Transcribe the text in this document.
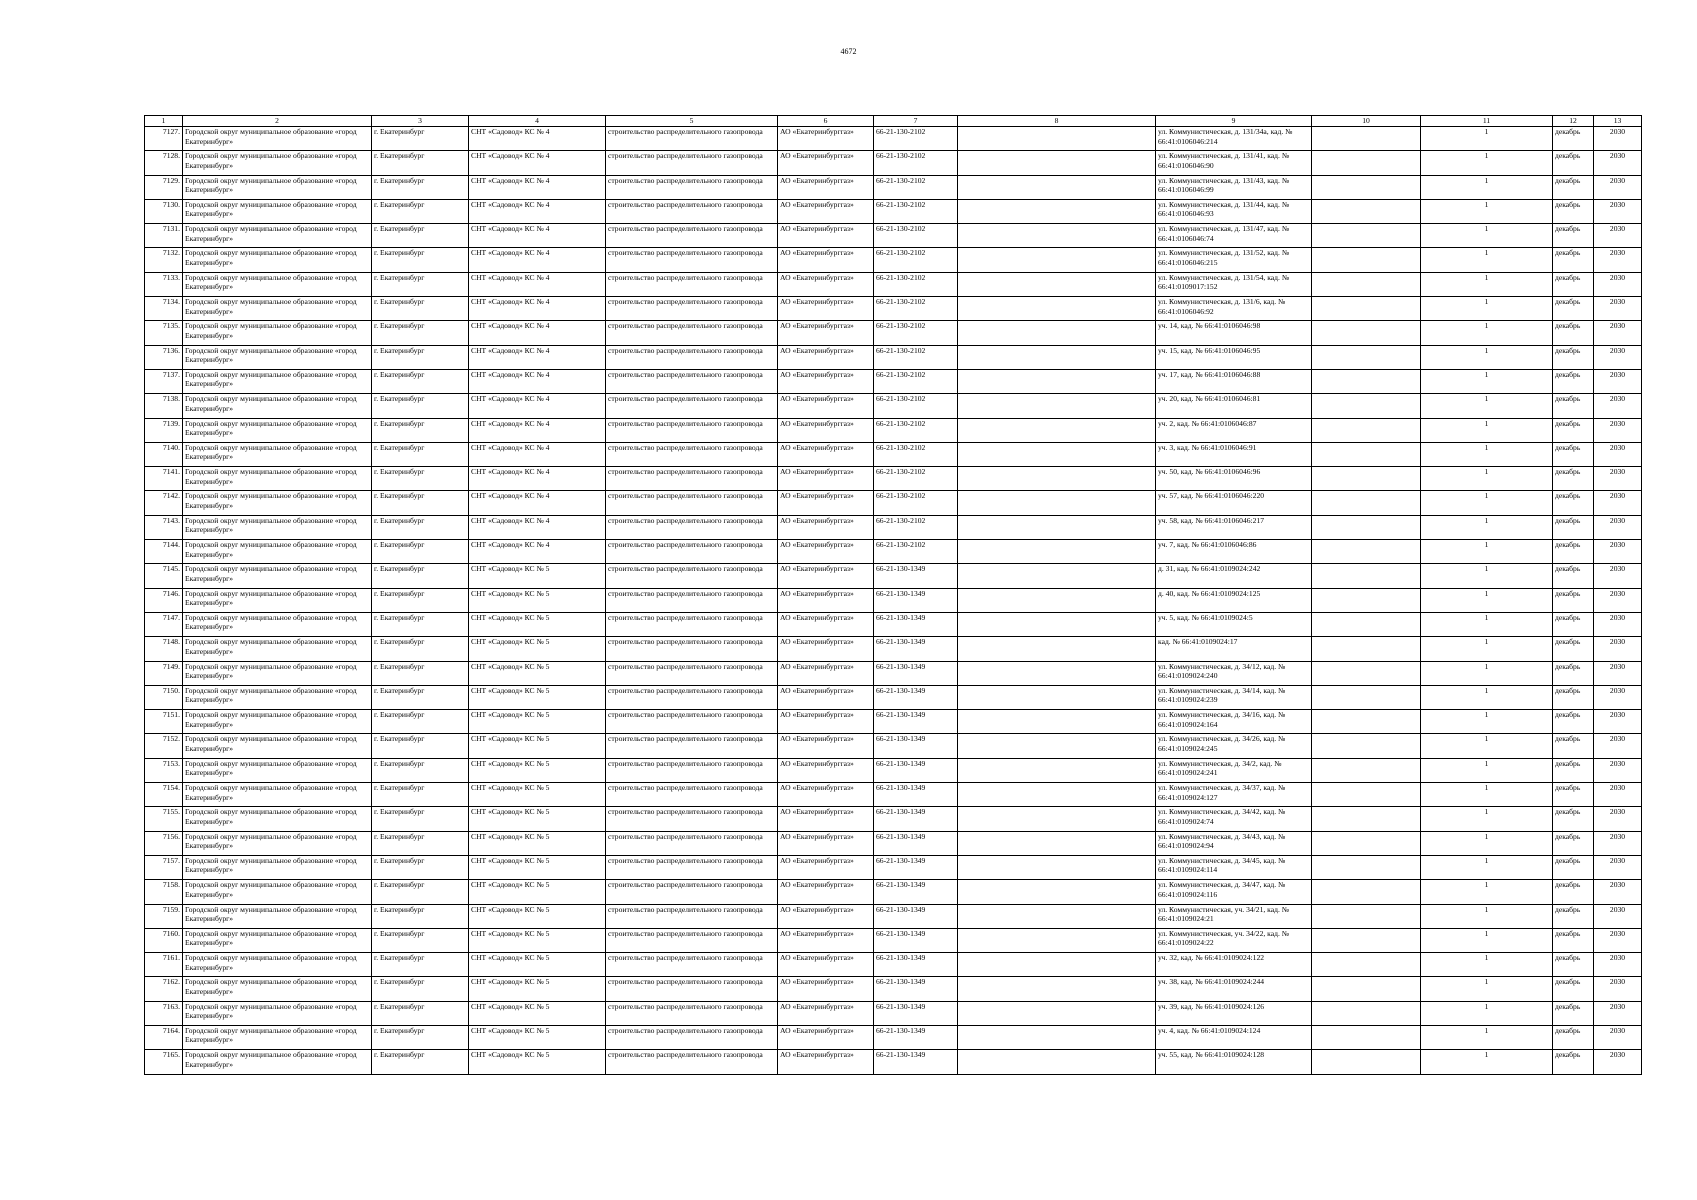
4672
1	2	3	4	5	6	7	8	9	10	11	12	13
7127.	Городской округ муниципальное образование «город Екатеринбург»	г. Екатеринбург	СНТ «Садовод» КС № 4	строительство распределительного газопровода	АО «Екатеринбурггаз»	66-21-130-2102		ул. Коммунистическая, д. 131/34а, кад. № 66:41:0106046:214		1	декабрь	2030
7128.	Городской округ муниципальное образование «город Екатеринбург»	г. Екатеринбург	СНТ «Садовод» КС № 4	строительство распределительного газопровода	АО «Екатеринбурггаз»	66-21-130-2102		ул. Коммунистическая, д. 131/41, кад. № 66:41:0106046:90		1	декабрь	2030
7129.	Городской округ муниципальное образование «город Екатеринбург»	г. Екатеринбург	СНТ «Садовод» КС № 4	строительство распределительного газопровода	АО «Екатеринбурггаз»	66-21-130-2102		ул. Коммунистическая, д. 131/43, кад. № 66:41:0106046:99		1	декабрь	2030
7130.	Городской округ муниципальное образование «город Екатеринбург»	г. Екатеринбург	СНТ «Садовод» КС № 4	строительство распределительного газопровода	АО «Екатеринбурггаз»	66-21-130-2102		ул. Коммунистическая, д. 131/44, кад. № 66:41:0106046:93		1	декабрь	2030
7131.	Городской округ муниципальное образование «город Екатеринбург»	г. Екатеринбург	СНТ «Садовод» КС № 4	строительство распределительного газопровода	АО «Екатеринбурггаз»	66-21-130-2102		ул. Коммунистическая, д. 131/47, кад. № 66:41:0106046:74		1	декабрь	2030
7132.	Городской округ муниципальное образование «город Екатеринбург»	г. Екатеринбург	СНТ «Садовод» КС № 4	строительство распределительного газопровода	АО «Екатеринбурггаз»	66-21-130-2102		ул. Коммунистическая, д. 131/52, кад. № 66:41:0106046:215		1	декабрь	2030
7133.	Городской округ муниципальное образование «город Екатеринбург»	г. Екатеринбург	СНТ «Садовод» КС № 4	строительство распределительного газопровода	АО «Екатеринбурггаз»	66-21-130-2102		ул. Коммунистическая, д. 131/54, кад. № 66:41:0109017:152		1	декабрь	2030
7134.	Городской округ муниципальное образование «город Екатеринбург»	г. Екатеринбург	СНТ «Садовод» КС № 4	строительство распределительного газопровода	АО «Екатеринбурггаз»	66-21-130-2102		ул. Коммунистическая, д. 131/6, кад. № 66:41:0106046:92		1	декабрь	2030
7135.	Городской округ муниципальное образование «город Екатеринбург»	г. Екатеринбург	СНТ «Садовод» КС № 4	строительство распределительного газопровода	АО «Екатеринбурггаз»	66-21-130-2102		уч. 14, кад. № 66:41:0106046:98		1	декабрь	2030
7136.	Городской округ муниципальное образование «город Екатеринбург»	г. Екатеринбург	СНТ «Садовод» КС № 4	строительство распределительного газопровода	АО «Екатеринбурггаз»	66-21-130-2102		уч. 15, кад. № 66:41:0106046:95		1	декабрь	2030
7137.	Городской округ муниципальное образование «город Екатеринбург»	г. Екатеринбург	СНТ «Садовод» КС № 4	строительство распределительного газопровода	АО «Екатеринбурггаз»	66-21-130-2102		уч. 17, кад. № 66:41:0106046:88		1	декабрь	2030
7138.	Городской округ муниципальное образование «город Екатеринбург»	г. Екатеринбург	СНТ «Садовод» КС № 4	строительство распределительного газопровода	АО «Екатеринбурггаз»	66-21-130-2102		уч. 20, кад. № 66:41:0106046:81		1	декабрь	2030
7139.	Городской округ муниципальное образование «город Екатеринбург»	г. Екатеринбург	СНТ «Садовод» КС № 4	строительство распределительного газопровода	АО «Екатеринбурггаз»	66-21-130-2102		уч. 2, кад. № 66:41:0106046:87		1	декабрь	2030
7140.	Городской округ муниципальное образование «город Екатеринбург»	г. Екатеринбург	СНТ «Садовод» КС № 4	строительство распределительного газопровода	АО «Екатеринбурггаз»	66-21-130-2102		уч. 3, кад. № 66:41:0106046:91		1	декабрь	2030
7141.	Городской округ муниципальное образование «город Екатеринбург»	г. Екатеринбург	СНТ «Садовод» КС № 4	строительство распределительного газопровода	АО «Екатеринбурггаз»	66-21-130-2102		уч. 50, кад. № 66:41:0106046:96		1	декабрь	2030
7142.	Городской округ муниципальное образование «город Екатеринбург»	г. Екатеринбург	СНТ «Садовод» КС № 4	строительство распределительного газопровода	АО «Екатеринбурггаз»	66-21-130-2102		уч. 57, кад. № 66:41:0106046:220		1	декабрь	2030
7143.	Городской округ муниципальное образование «город Екатеринбург»	г. Екатеринбург	СНТ «Садовод» КС № 4	строительство распределительного газопровода	АО «Екатеринбурггаз»	66-21-130-2102		уч. 58, кад. № 66:41:0106046:217		1	декабрь	2030
7144.	Городской округ муниципальное образование «город Екатеринбург»	г. Екатеринбург	СНТ «Садовод» КС № 4	строительство распределительного газопровода	АО «Екатеринбурггаз»	66-21-130-2102		уч. 7, кад. № 66:41:0106046:86		1	декабрь	2030
7145.	Городской округ муниципальное образование «город Екатеринбург»	г. Екатеринбург	СНТ «Садовод» КС № 5	строительство распределительного газопровода	АО «Екатеринбурггаз»	66-21-130-1349		д. 31, кад. № 66:41:0109024:242		1	декабрь	2030
7146.	Городской округ муниципальное образование «город Екатеринбург»	г. Екатеринбург	СНТ «Садовод» КС № 5	строительство распределительного газопровода	АО «Екатеринбурггаз»	66-21-130-1349		д. 40, кад. № 66:41:0109024:125		1	декабрь	2030
7147.	Городской округ муниципальное образование «город Екатеринбург»	г. Екатеринбург	СНТ «Садовод» КС № 5	строительство распределительного газопровода	АО «Екатеринбурггаз»	66-21-130-1349		уч. 5, кад. № 66:41:0109024:5		1	декабрь	2030
7148.	Городской округ муниципальное образование «город Екатеринбург»	г. Екатеринбург	СНТ «Садовод» КС № 5	строительство распределительного газопровода	АО «Екатеринбурггаз»	66-21-130-1349		кад. № 66:41:0109024:17		1	декабрь	2030
7149.	Городской округ муниципальное образование «город Екатеринбург»	г. Екатеринбург	СНТ «Садовод» КС № 5	строительство распределительного газопровода	АО «Екатеринбурггаз»	66-21-130-1349		ул. Коммунистическая, д. 34/12, кад. № 66:41:0109024:240		1	декабрь	2030
7150.	Городской округ муниципальное образование «город Екатеринбург»	г. Екатеринбург	СНТ «Садовод» КС № 5	строительство распределительного газопровода	АО «Екатеринбурггаз»	66-21-130-1349		ул. Коммунистическая, д. 34/14, кад. № 66:41:0109024:239		1	декабрь	2030
7151.	Городской округ муниципальное образование «город Екатеринбург»	г. Екатеринбург	СНТ «Садовод» КС № 5	строительство распределительного газопровода	АО «Екатеринбурггаз»	66-21-130-1349		ул. Коммунистическая, д. 34/16, кад. № 66:41:0109024:164		1	декабрь	2030
7152.	Городской округ муниципальное образование «город Екатеринбург»	г. Екатеринбург	СНТ «Садовод» КС № 5	строительство распределительного газопровода	АО «Екатеринбурггаз»	66-21-130-1349		ул. Коммунистическая, д. 34/26, кад. № 66:41:0109024:245		1	декабрь	2030
7153.	Городской округ муниципальное образование «город Екатеринбург»	г. Екатеринбург	СНТ «Садовод» КС № 5	строительство распределительного газопровода	АО «Екатеринбурггаз»	66-21-130-1349		ул. Коммунистическая, д. 34/2, кад. № 66:41:0109024:241		1	декабрь	2030
7154.	Городской округ муниципальное образование «город Екатеринбург»	г. Екатеринбург	СНТ «Садовод» КС № 5	строительство распределительного газопровода	АО «Екатеринбурггаз»	66-21-130-1349		ул. Коммунистическая, д. 34/37, кад. № 66:41:0109024:127		1	декабрь	2030
7155.	Городской округ муниципальное образование «город Екатеринбург»	г. Екатеринбург	СНТ «Садовод» КС № 5	строительство распределительного газопровода	АО «Екатеринбурггаз»	66-21-130-1349		ул. Коммунистическая, д. 34/42, кад. № 66:41:0109024:74		1	декабрь	2030
7156.	Городской округ муниципальное образование «город Екатеринбург»	г. Екатеринбург	СНТ «Садовод» КС № 5	строительство распределительного газопровода	АО «Екатеринбурггаз»	66-21-130-1349		ул. Коммунистическая, д. 34/43, кад. № 66:41:0109024:94		1	декабрь	2030
7157.	Городской округ муниципальное образование «город Екатеринбург»	г. Екатеринбург	СНТ «Садовод» КС № 5	строительство распределительного газопровода	АО «Екатеринбурггаз»	66-21-130-1349		ул. Коммунистическая, д. 34/45, кад. № 66:41:0109024:114		1	декабрь	2030
7158.	Городской округ муниципальное образование «город Екатеринбург»	г. Екатеринбург	СНТ «Садовод» КС № 5	строительство распределительного газопровода	АО «Екатеринбурггаз»	66-21-130-1349		ул. Коммунистическая, д. 34/47, кад. № 66:41:0109024:116		1	декабрь	2030
7159.	Городской округ муниципальное образование «город Екатеринбург»	г. Екатеринбург	СНТ «Садовод» КС № 5	строительство распределительного газопровода	АО «Екатеринбурггаз»	66-21-130-1349		ул. Коммунистическая, уч. 34/21, кад. № 66:41:0109024:21		1	декабрь	2030
7160.	Городской округ муниципальное образование «город Екатеринбург»	г. Екатеринбург	СНТ «Садовод» КС № 5	строительство распределительного газопровода	АО «Екатеринбурггаз»	66-21-130-1349		ул. Коммунистическая, уч. 34/22, кад. № 66:41:0109024:22		1	декабрь	2030
7161.	Городской округ муниципальное образование «город Екатеринбург»	г. Екатеринбург	СНТ «Садовод» КС № 5	строительство распределительного газопровода	АО «Екатеринбурггаз»	66-21-130-1349		уч. 32, кад. № 66:41:0109024:122		1	декабрь	2030
7162.	Городской округ муниципальное образование «город Екатеринбург»	г. Екатеринбург	СНТ «Садовод» КС № 5	строительство распределительного газопровода	АО «Екатеринбурггаз»	66-21-130-1349		уч. 38, кад. № 66:41:0109024:244		1	декабрь	2030
7163.	Городской округ муниципальное образование «город Екатеринбург»	г. Екатеринбург	СНТ «Садовод» КС № 5	строительство распределительного газопровода	АО «Екатеринбурггаз»	66-21-130-1349		уч. 39, кад. № 66:41:0109024:126		1	декабрь	2030
7164.	Городской округ муниципальное образование «город Екатеринбург»	г. Екатеринбург	СНТ «Садовод» КС № 5	строительство распределительного газопровода	АО «Екатеринбурггаз»	66-21-130-1349		уч. 4, кад. № 66:41:0109024:124		1	декабрь	2030
7165.	Городской округ муниципальное образование «город Екатеринбург»	г. Екатеринбург	СНТ «Садовод» КС № 5	строительство распределительного газопровода	АО «Екатеринбурггаз»	66-21-130-1349		уч. 55, кад. № 66:41:0109024:128		1	декабрь	2030
